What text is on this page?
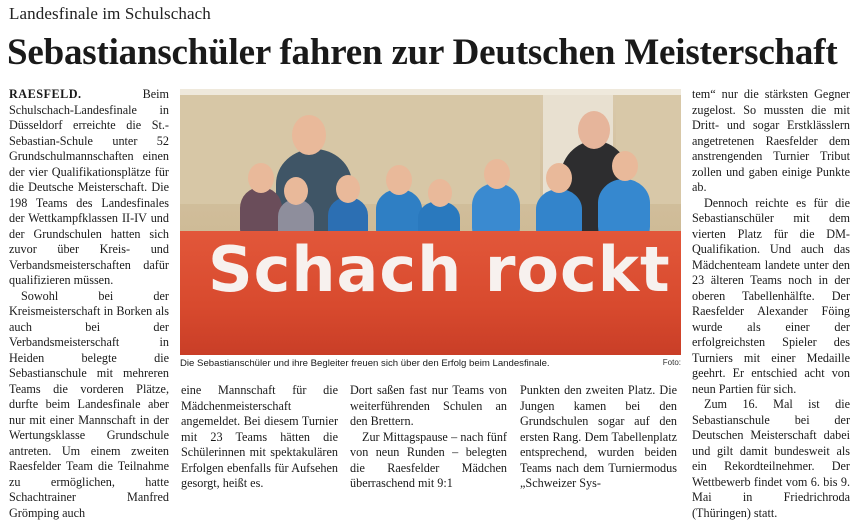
Landesfinale im Schulschach
Sebastianschüler fahren zur Deutschen Meisterschaft

RAESFELD.	Beim Schulschach-Landesfinale in Düsseldorf erreichte die St.-Sebastian-Schule unter 52 Grundschulmannschaften einen der vier Qualifikationsplätze für die Deutsche Meisterschaft. Die 198 Teams des Landesfinales der Wettkampfklassen II-IV und der Grundschulen hatten sich zuvor über Kreis- und Verbandsmeisterschaften dafür qualifizieren müssen.

Sowohl bei der Kreismeisterschaft in Borken als auch bei der Verbandsmeisterschaft in Heiden belegte die Sebastianschule mit mehreren Teams die vorderen Plätze, durfte beim Landesfinale aber nur mit einer Mannschaft in der Wertungsklasse Grundschule antreten. Um einem zweiten Raesfelder Team die Teilnahme zu ermöglichen, hatte Schachtrainer Manfred Grömping auch

Schach rockt
Die Sebastianschüler und ihre Begleiter freuen sich über den Erfolg beim Landesfinale.	Foto:

eine Mannschaft für die Mädchenmeisterschaft angemeldet. Bei diesem Turnier mit 23 Teams hätten die Schülerinnen mit spektakulären Erfolgen ebenfalls für Aufsehen gesorgt, heißt es.

Dort saßen fast nur Teams von weiterführenden Schulen an den Brettern.

Zur Mittagspause – nach fünf von neun Runden – belegten die Raesfelder Mädchen überraschend mit 9:1

Punkten den zweiten Platz. Die Jungen kamen bei den Grundschulen sogar auf den ersten Rang. Dem Tabellenplatz entsprechend, wurden beiden Teams nach dem Turniermodus „Schweizer Sys-

tem“ nur die stärksten Gegner zugelost. So mussten die mit Dritt- und sogar Erstklässlern angetretenen Raesfelder dem anstrengenden Turnier Tribut zollen und gaben einige Punkte ab.

Dennoch reichte es für die Sebastianschüler mit dem vierten Platz für die DM-Qualifikation. Und auch das Mädchenteam landete unter den 23 älteren Teams noch in der oberen Tabellenhälfte. Der Raesfelder Alexander Föing wurde als einer der erfolgreichsten Spieler des Turniers mit einer Medaille geehrt. Er entschied acht von neun Partien für sich.

Zum 16. Mal ist die Sebastianschule bei der Deutschen Meisterschaft dabei und gilt damit bundesweit als ein Rekordteilnehmer. Der Wettbewerb findet vom 6. bis 9. Mai in Friedrichroda (Thüringen) statt.
